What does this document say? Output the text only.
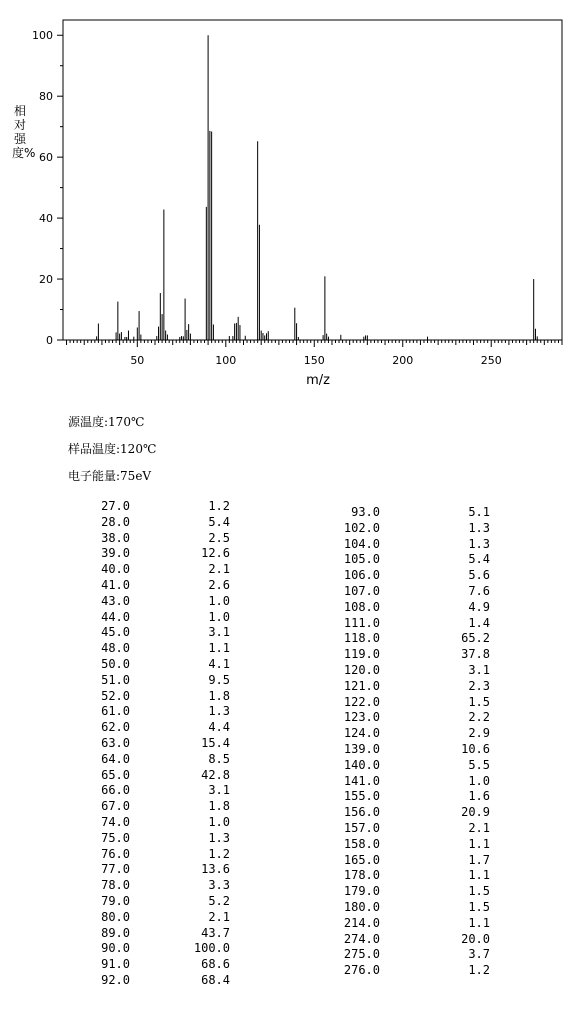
50	100	150	200	250
0
20
40
60
80
100
m/z
相对强度%
源温度:170℃
样品温度:120℃
电子能量:75eV
27.0	1.2
28.0	5.4
38.0	2.5
39.0	12.6
40.0	2.1
41.0	2.6
43.0	1.0
44.0	1.0
45.0	3.1
48.0	1.1
50.0	4.1
51.0	9.5
52.0	1.8
61.0	1.3
62.0	4.4
63.0	15.4
64.0	8.5
65.0	42.8
66.0	3.1
67.0	1.8
74.0	1.0
75.0	1.3
76.0	1.2
77.0	13.6
78.0	3.3
79.0	5.2
80.0	2.1
89.0	43.7
90.0	100.0
91.0	68.6
92.0	68.4
93.0	5.1
102.0	1.3
104.0	1.3
105.0	5.4
106.0	5.6
107.0	7.6
108.0	4.9
111.0	1.4
118.0	65.2
119.0	37.8
120.0	3.1
121.0	2.3
122.0	1.5
123.0	2.2
124.0	2.9
139.0	10.6
140.0	5.5
141.0	1.0
155.0	1.6
156.0	20.9
157.0	2.1
158.0	1.1
165.0	1.7
178.0	1.1
179.0	1.5
180.0	1.5
214.0	1.1
274.0	20.0
275.0	3.7
276.0	1.2
